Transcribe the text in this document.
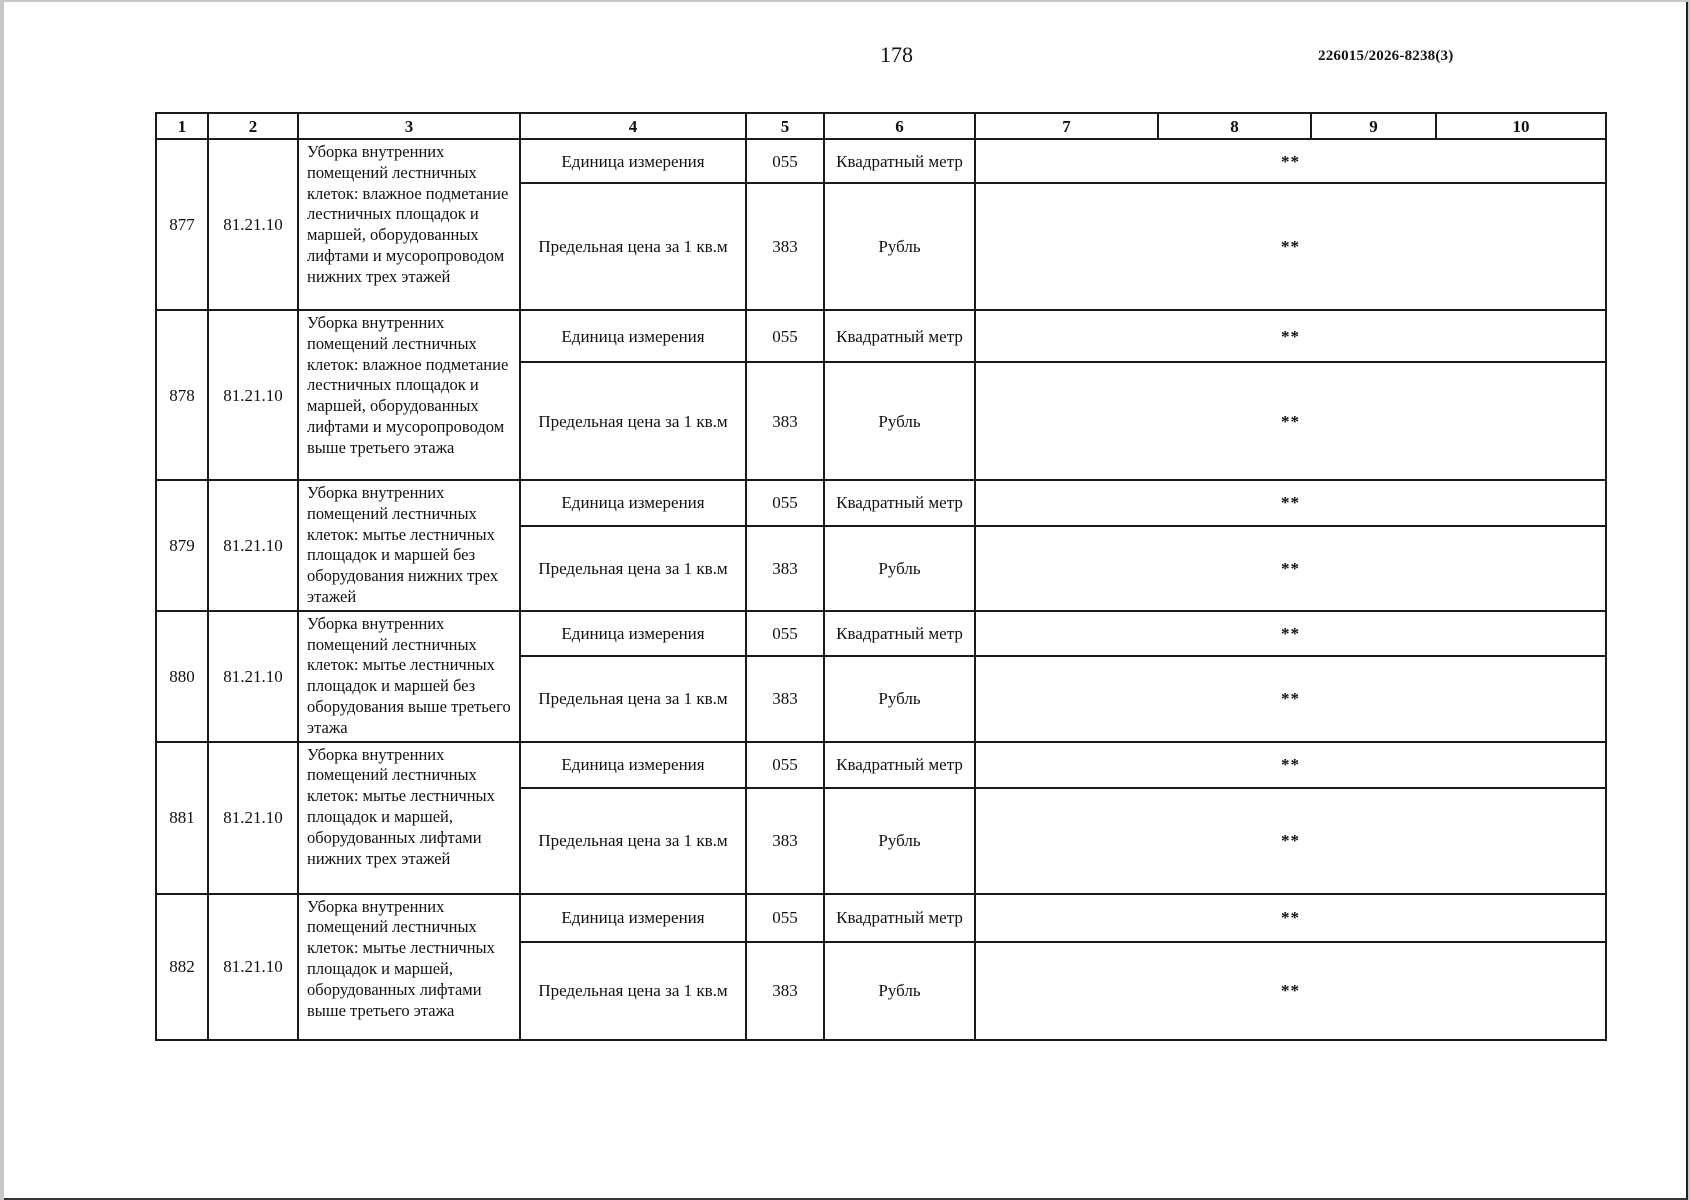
178	226015/2026-8238(3)
1	2	3	4	5	6	7	8	9	10
877	81.21.10	Уборка внутренних помещений лестничных клеток: влажное подметание лестничных площадок и маршей, оборудованных лифтами и мусоропроводом нижних трех этажей	Единица измерения	055	Квадратный метр	**			
			Предельная цена за 1 кв.м	383	Рубль	**			
878	81.21.10	Уборка внутренних помещений лестничных клеток: влажное подметание лестничных площадок и маршей, оборудованных лифтами и мусоропроводом выше третьего этажа	Единица измерения	055	Квадратный метр	**			
			Предельная цена за 1 кв.м	383	Рубль	**			
879	81.21.10	Уборка внутренних помещений лестничных клеток: мытье лестничных площадок и маршей без оборудования нижних трех этажей	Единица измерения	055	Квадратный метр	**			
			Предельная цена за 1 кв.м	383	Рубль	**			
880	81.21.10	Уборка внутренних помещений лестничных клеток: мытье лестничных площадок и маршей без оборудования выше третьего этажа	Единица измерения	055	Квадратный метр	**			
			Предельная цена за 1 кв.м	383	Рубль	**			
881	81.21.10	Уборка внутренних помещений лестничных клеток: мытье лестничных площадок и маршей, оборудованных лифтами нижних трех этажей	Единица измерения	055	Квадратный метр	**			
			Предельная цена за 1 кв.м	383	Рубль	**			
882	81.21.10	Уборка внутренних помещений лестничных клеток: мытье лестничных площадок и маршей, оборудованных лифтами выше третьего этажа	Единица измерения	055	Квадратный метр	**			
			Предельная цена за 1 кв.м	383	Рубль	**			
